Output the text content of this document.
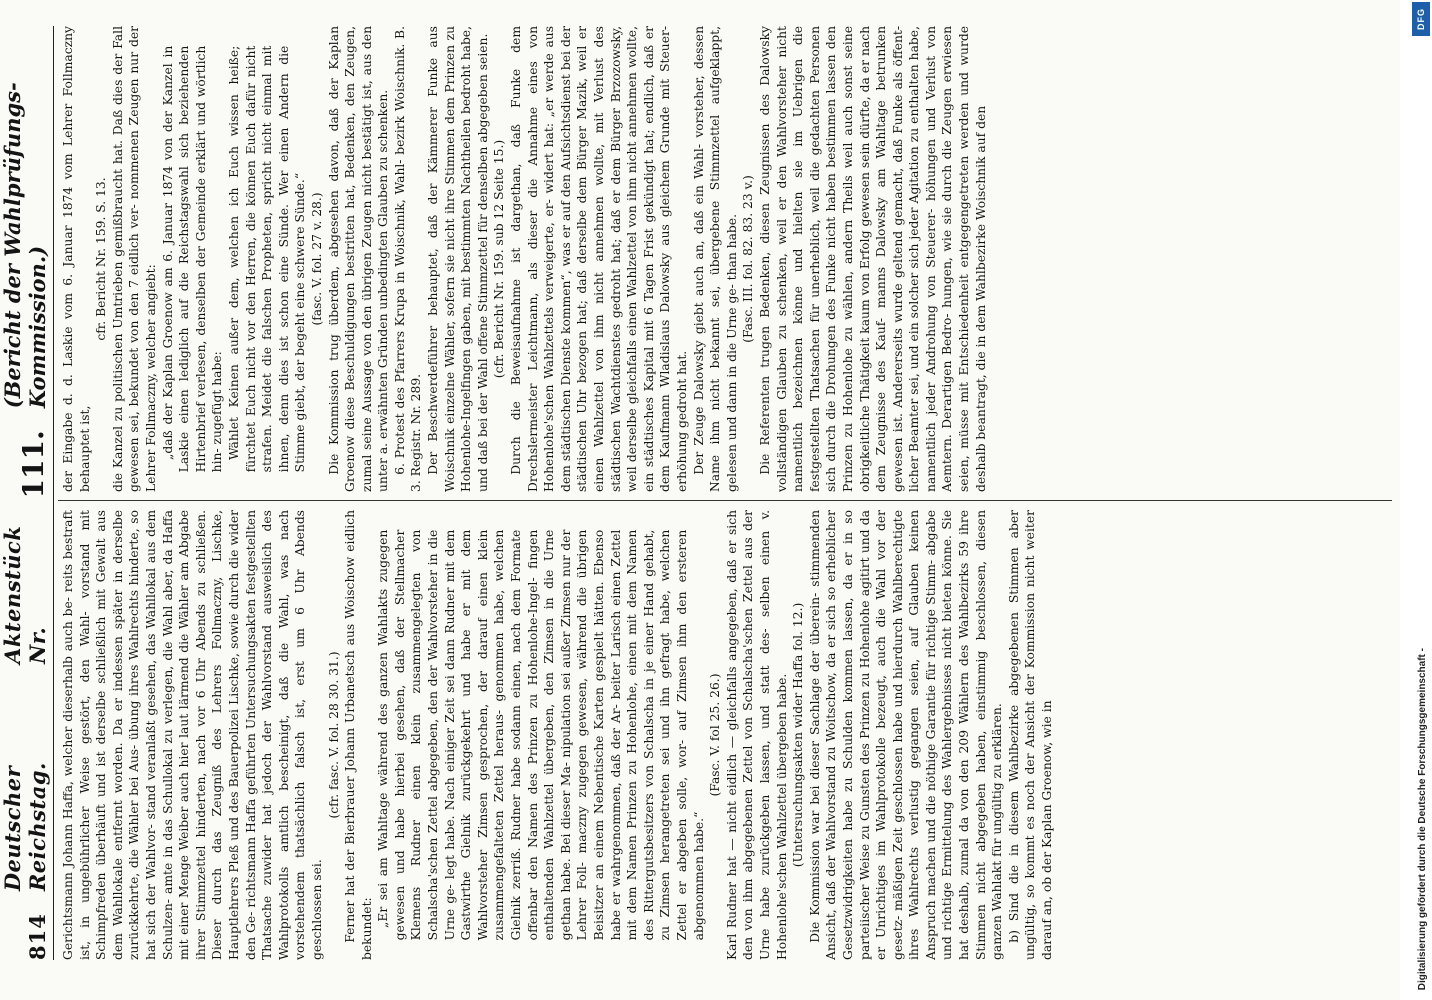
814
Deutscher Reichstag.
Aktenstück Nr.
111.
(Bericht der Wahlprüfungs-Kommission.)

Gerichtsmann Johann Haffa, welcher dieserhalb auch be- reits bestraft ist, in ungebührlicher Weise gestört, den Wahl- vorstand mit Schimpfreden überhäuft und ist derselbe schließlich mit Gewalt aus dem Wahllokale entfernt worden. Da er indessen später in derselbe zurückkehrte, die Wähler bei Aus- übung ihres Wahlrechts hinderte, so hat sich der Wahlvor- stand veranlaßt gesehen, das Wahllokal aus dem Schulzen- amte in das Schullokal zu verlegen, die Wahl aber, da Haffa mit einer Menge Weiber auch hier laut lärmend die Wähler am Abgabe ihrer Stimmzettel hinderten, nach vor 6 Uhr Abends zu schließen. Dieser durch das Zeugniß des Lehrers Follmaczny, Lischke, Hauptlehrers Pleß und des Bauerpolizei Lischke, sowie durch die wider den Ge- richtsmann Haffa geführten Untersuchungsakten festgestellten Thatsache zuwider hat jedoch der Wahlvorstand ausweislich des Wahlprotokolls amtlich bescheinigt, daß die Wahl, was nach vorstehendem thatsächlich falsch ist, erst um 6 Uhr Abends geschlossen sei.

(cfr. fasc. V. fol. 28 30. 31.) Ferner hat der Bierbrauer Johann Urbanetsch aus Woischow eidlich bekundet:

„Er sei am Wahltage während des ganzen Wahlakts zugegen gewesen und habe hierbei gesehen, daß der Stellmacher Klemens Rudner einen klein zusammengelegten von Schalscha'schen Zettel abgegeben, den der Wahlvorsteher in die Urne ge- legt habe. Nach einiger Zeit sei dann Rudner mit dem Gastwirthe Gielnik zurückgekehrt und habe er mit dem Wahlvorsteher Zimsen gesprochen, der darauf einen klein zusammengefalteten Zettel heraus- genommen habe, welchen Gielnik zerriß. Rudner habe sodann einen, nach dem Formate offenbar den Namen des Prinzen zu Hohenlohe-Ingel- fingen enthaltenden Wahlzettel übergeben, den Zimsen in die Urne gethan habe. Bei dieser Ma- nipulation sei außer Zimsen nur der Lehrer Foll- maczny zugegen gewesen, während die übrigen Beisitzer an einem Nebentische Karten gespielt hätten. Ebenso habe er wahrgenommen, daß der Ar- beiter Larisch einen Zettel mit dem Namen Prinzen zu Hohenlohe, einen mit dem Namen des Rittergutsbesitzers von Schalscha in je einer Hand gehabt, zu Zimsen herangetreten sei und ihn gefragt habe, welchen Zettel er abgeben solle, wor- auf Zimsen ihm den ersteren abgenommen habe.“

(Fasc. V. fol 25. 26.) Karl Rudner hat — nicht eidlich — gleichfalls angegeben, daß er sich den von ihm abgegebenen Zettel von Schalscha'schen Zettel aus der Urne habe zurückgeben lassen, und statt des- selben einen v. Hohenlohe'schen Wahlzettel übergeben habe. (Untersuchungsakten wider Haffa fol. 12.) Die Kommission war bei dieser Sachlage der überein- stimmenden Ansicht, daß der Wahlvorstand zu Woitschow, da er sich so erheblicher Gesetzwidrigkeiten habe zu Schulden kommen lassen, da er in so parteiischer Weise zu Gunsten des Prinzen zu Hohenlohe agitirt und da er Unrichtiges im Wahlprotokolle bezeugt, auch die Wahl vor der gesetz- mäßigen Zeit geschlossen habe und hierdurch Wahlberechtigte ihres Wahlrechts verlustig gegangen seien, auf Glauben keinen Anspruch machen und die nöthige Garantie für richtige Stimm- abgabe und richtige Ermittelung des Wahlergebnisses nicht bieten könne. Sie hat deshalb, zumal da von den 209 Wählern des Wahlbezirks 59 ihre Stimmen nicht abgegeben haben, einstimmig beschlossen, diesen ganzen Wahlakt für ungültig zu erklären. b) Sind die in diesem Wahlbezirke abgegebenen Stimmen aber ungültig, so kommt es noch der Ansicht der Kommission nicht weiter darauf an, ob der Kaplan Groenow, wie in

der Eingabe d. d. Laskie vom 6. Januar 1874 vom Lehrer Follmaczny behauptet ist,

cfr. Bericht Nr. 159. S. 13. die Kanzel zu politischen Umtrieben gemißbraucht hat. Daß dies der Fall gewesen sei, bekundet von den 7 eidlich ver- nommenen Zeugen nur der Lehrer Follmaczny, welcher angiebt: „daß der Kaplan Groenow am 6. Januar 1874 von der Kanzel in Laskie einen lediglich auf die Reichstagswahl sich beziehenden Hirtenbrief verlesen, denselben der Gemeinde erklärt und wörtlich hin- zugefügt habe: Wählet Keinen außer dem, welchen ich Euch wissen heiße; fürchtet Euch nicht vor den Herren, die können Euch dafür nicht strafen. Meidet die falschen Propheten, spricht nicht einmal mit ihnen, denn dies ist schon eine Sünde. Wer einen Andern die Stimme giebt, der begeht eine schwere Sünde.“ (fasc. V. fol. 27 v. 28.) Die Kommission trug überdem, abgesehen davon, daß der Kaplan Groenow diese Beschuldigungen bestritten hat, Bedenken, den Zeugen, zumal seine Aussage von den übrigen Zeugen nicht bestätigt ist, aus den unter a. erwähnten Gründen unbedingten Glauben zu schenken. 6. Protest des Pfarrers Krupa in Woischnik, Wahl- bezirk Woischnik. B. 3. Registr. Nr. 289. Der Beschwerdeführer behauptet, daß der Kämmerer Funke aus Woischnik einzelne Wähler, sofern sie nicht ihre Stimmen dem Prinzen zu Hohenlohe-Ingelfingen gaben, mit bestimmten Nachtheilen bedroht habe, und daß bei der Wahl offene Stimmzettel für denselben abgegeben seien. (cfr. Bericht Nr. 159. sub 12 Seite 15.) Durch die Beweisaufnahme ist dargethan, daß Funke dem Drechslermeister Leichtmann, als dieser die Annahme eines von Hohenlohe'schen Wahlzettels verweigerte, er- widert hat: „er werde aus dem städtischen Dienste kommen“, was er auf den Aufsichtsdienst bei der städtischen Uhr bezogen hat; daß derselbe dem Bürger Mazik, weil er einen Wahlzettel von ihm nicht annehmen wollte, mit Verlust des städtischen Wachtdienstes gedroht hat; daß er dem Bürger Brzozowsky, weil derselbe gleichfalls einen Wahlzettel von ihm nicht annehmen wollte, ein städtisches Kapital mit 6 Tagen Frist gekündigt hat; endlich, daß er dem Kaufmann Wladislaus Dalowsky aus gleichem Grunde mit Steuer- erhöhung gedroht hat. Der Zeuge Dalowsky giebt auch an, daß ein Wahl- vorsteher, dessen Name ihm nicht bekannt sei, übergebene Stimmzettel aufgeklappt, gelesen und dann in die Urne ge- than habe. (Fasc. III. fol. 82. 83. 23 v.) Die Referenten trugen Bedenken, diesen Zeugnissen des Dalowsky vollständigen Glauben zu schenken, weil er den Wahlvorsteher nicht namentlich bezeichnen könne und hielten sie im Uebrigen die festgestellten Thatsachen für unerheblich, weil die gedachten Personen sich durch die Drohungen des Funke nicht haben bestimmen lassen den Prinzen zu Hohenlohe zu wählen, andern Theils weil auch sonst seine obrigkeitliche Thätigkeit kaum von Erfolg gewesen sein dürfte, da er nach dem Zeugnisse des Kauf- manns Dalowsky am Wahltage betrunken gewesen ist. Andererseits wurde geltend gemacht, daß Funke als öffent- licher Beamter sei, und ein solcher sich jeder Agitation zu enthalten habe, namentlich jeder Androhung von Steuerer- höhungen und Verlust von Aemtern. Derartigen Bedro- hungen, wie sie durch die Zeugen erwiesen seien, müsse mit Entschiedenheit entgegengetreten werden und wurde deshalb beantragt, die in dem Wahlbezirke Woischnik auf den

DFG
Digitalisierung gefördert durch die Deutsche Forschungsgemeinschaft -
